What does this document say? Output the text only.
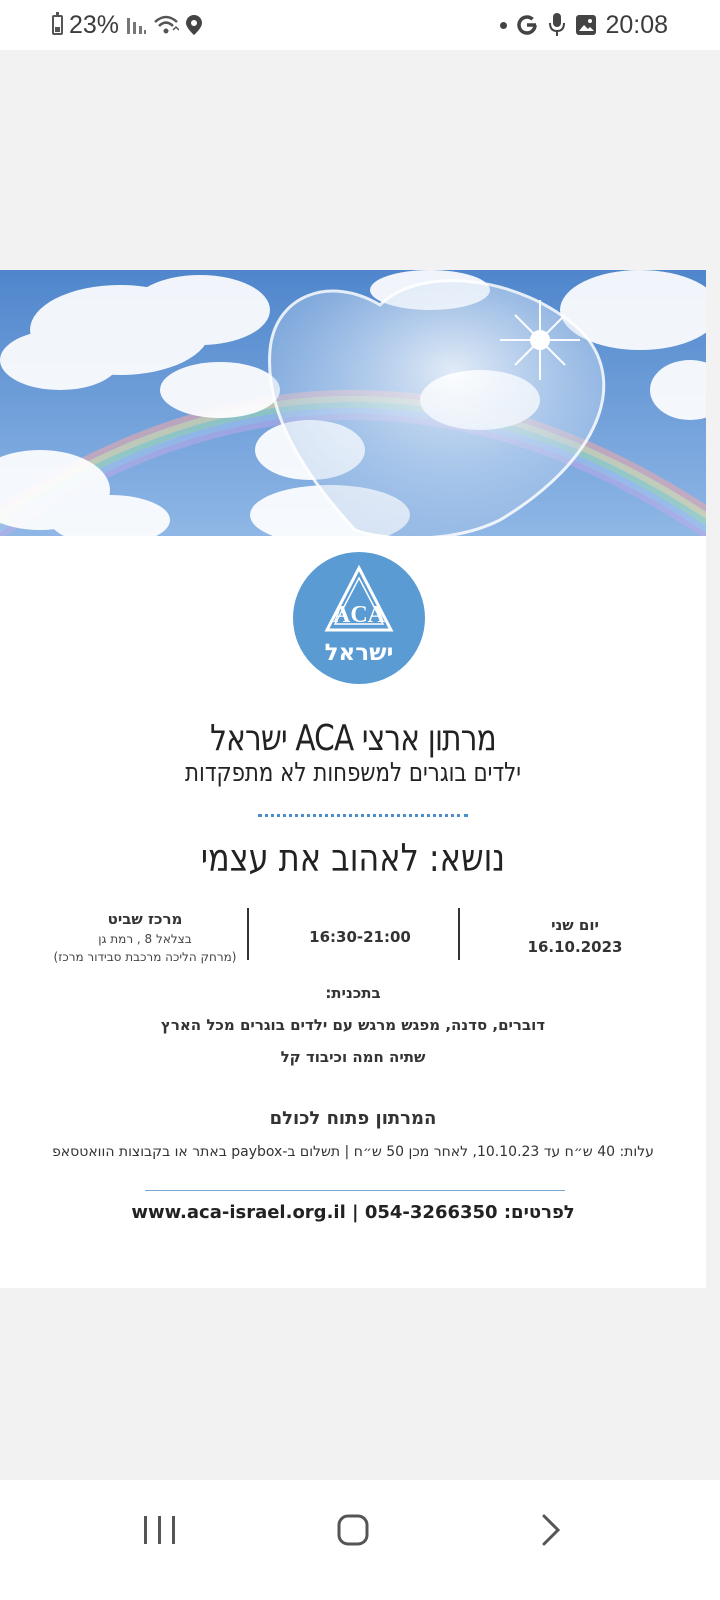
23%	20:08
ACA
ישראל
מרתון ארצי ACA ישראל
ילדים בוגרים למשפחות לא מתפקדות
נושא: לאהוב את עצמי
יום שני
16.10.2023
16:30-21:00
מרכז שביט
בצלאל 8 , רמת גן
(מרחק הליכה מרכבת סבידור מרכז)
בתכנית:
דוברים, סדנה, מפגש מרגש עם ילדים בוגרים מכל הארץ
שתיה חמה וכיבוד קל
המרתון פתוח לכולם
עלות: 40 ש״ח עד 10.10.23, לאחר מכן 50 ש״ח | תשלום ב-paybox באתר או בקבוצות הוואטסאפ
לפרטים: 054-3266350 | www.aca-israel.org.il
